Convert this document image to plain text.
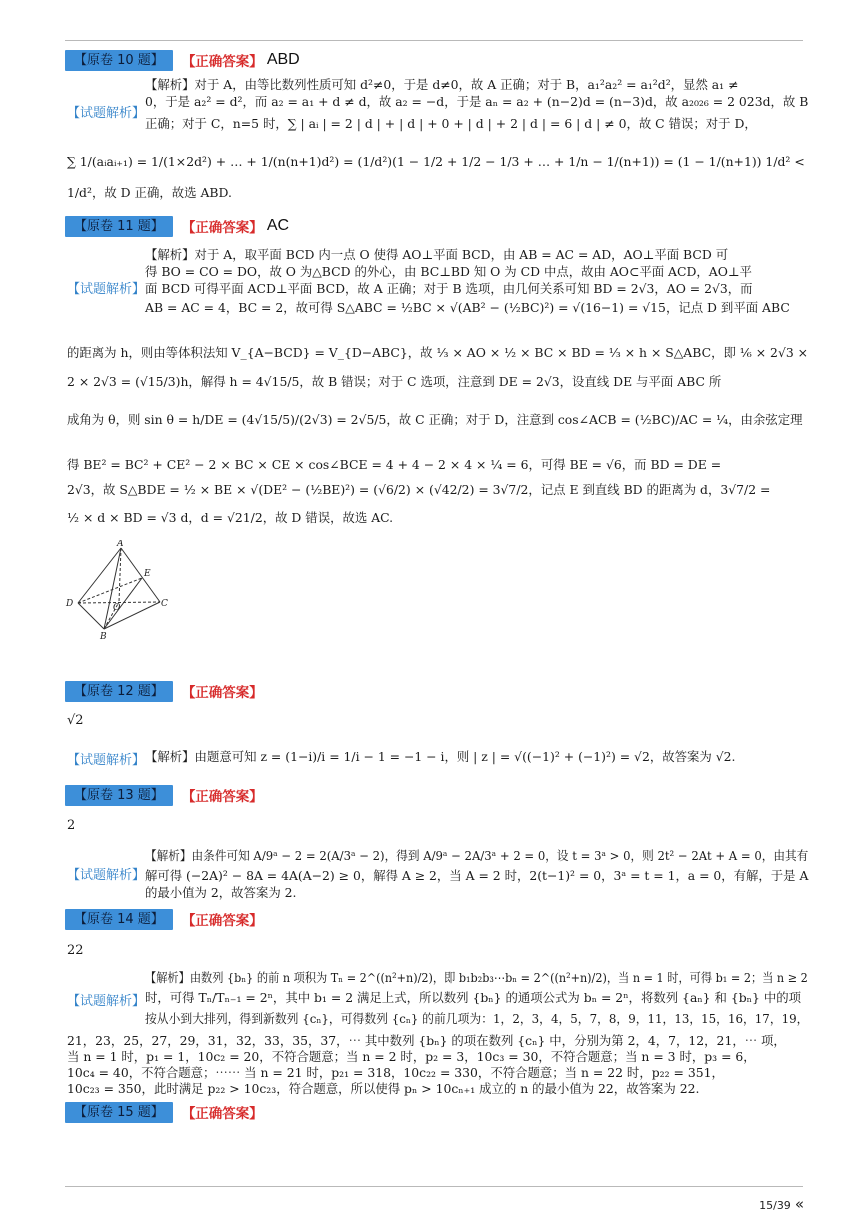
【原卷 10 题】	【正确答案】 ABD
【试题解析】
【解析】对于 A，由等比数列性质可知 d²≠0，于是 d≠0，故 A 正确；对于 B，a₁²a₂² = a₁²d²，显然 a₁ ≠
0，于是 a₂² = d²，而 a₂ = a₁ + d ≠ d，故 a₂ = −d，于是 aₙ = a₂ + (n−2)d = (n−3)d，故 a₂₀₂₆ = 2 023d，故 B
正确；对于 C，n=5 时，∑ | aᵢ | = 2 | d | + | d | + 0 + | d | + 2 | d | = 6 | d | ≠ 0，故 C 错误；对于 D，
∑ 1/(aᵢaᵢ₊₁) = 1/(1×2d²) + … + 1/(n(n+1)d²) = (1/d²)(1 − 1/2 + 1/2 − 1/3 + … + 1/n − 1/(n+1)) = (1 − 1/(n+1)) 1/d² <
1/d²，故 D 正确，故选 ABD.
【原卷 11 题】	【正确答案】 AC
【试题解析】
【解析】对于 A，取平面 BCD 内一点 O 使得 AO⊥平面 BCD，由 AB = AC = AD，AO⊥平面 BCD 可
得 BO = CO = DO，故 O 为△BCD 的外心，由 BC⊥BD 知 O 为 CD 中点，故由 AO⊂平面 ACD，AO⊥平
面 BCD 可得平面 ACD⊥平面 BCD，故 A 正确；对于 B 选项，由几何关系可知 BD = 2√3，AO = 2√3，而
AB = AC = 4，BC = 2，故可得 S△ABC = ½BC × √(AB² − (½BC)²) = √(16−1) = √15，记点 D 到平面 ABC
的距离为 h，则由等体积法知 V_{A−BCD} = V_{D−ABC}，故 ⅓ × AO × ½ × BC × BD = ⅓ × h × S△ABC，即 ⅙ × 2√3 ×
2 × 2√3 = (√15/3)h，解得 h = 4√15/5，故 B 错误；对于 C 选项，注意到 DE = 2√3，设直线 DE 与平面 ABC 所
成角为 θ，则 sin θ = h/DE = (4√15/5)/(2√3) = 2√5/5，故 C 正确；对于 D，注意到 cos∠ACB = (½BC)/AC = ¼，由余弦定理
得 BE² = BC² + CE² − 2 × BC × CE × cos∠BCE = 4 + 4 − 2 × 4 × ¼ = 6，可得 BE = √6，而 BD = DE =
2√3，故 S△BDE = ½ × BE × √(DE² − (½BE)²) = (√6/2) × (√42/2) = 3√7/2，记点 E 到直线 BD 的距离为 d，3√7/2 =
½ × d × BD = √3 d，d = √21/2，故 D 错误，故选 AC.
A
E
D	O	C
B
【原卷 12 题】	【正确答案】
√2
【试题解析】 【解析】由题意可知 z = (1−i)/i = 1/i − 1 = −1 − i，则 | z | = √((−1)² + (−1)²) = √2，故答案为 √2.
【原卷 13 题】	【正确答案】
2
【试题解析】
【解析】由条件可知 A/9ᵃ − 2 = 2(A/3ᵃ − 2)，得到 A/9ᵃ − 2A/3ᵃ + 2 = 0，设 t = 3ᵃ > 0，则 2t² − 2At + A = 0，由其有
解可得 (−2A)² − 8A = 4A(A−2) ≥ 0，解得 A ≥ 2，当 A = 2 时，2(t−1)² = 0，3ᵃ = t = 1，a = 0，有解，于是 A
的最小值为 2，故答案为 2.
【原卷 14 题】	【正确答案】
22
【试题解析】
【解析】由数列 {bₙ} 的前 n 项积为 Tₙ = 2^((n²+n)/2)，即 b₁b₂b₃⋯bₙ = 2^((n²+n)/2)，当 n = 1 时，可得 b₁ = 2；当 n ≥ 2
时，可得 Tₙ/Tₙ₋₁ = 2ⁿ，其中 b₁ = 2 满足上式，所以数列 {bₙ} 的通项公式为 bₙ = 2ⁿ，将数列 {aₙ} 和 {bₙ} 中的项
按从小到大排列，得到新数列 {cₙ}，可得数列 {cₙ} 的前几项为：1，2，3，4，5，7，8，9，11，13，15，16，17，19，
21，23，25，27，29，31，32，33，35，37，⋯ 其中数列 {bₙ} 的项在数列 {cₙ} 中，分别为第 2，4，7，12，21，⋯ 项，
当 n = 1 时，p₁ = 1，10c₂ = 20，不符合题意；当 n = 2 时，p₂ = 3，10c₃ = 30，不符合题意；当 n = 3 时，p₃ = 6，
10c₄ = 40，不符合题意；⋯⋯ 当 n = 21 时，p₂₁ = 318，10c₂₂ = 330，不符合题意；当 n = 22 时，p₂₂ = 351，
10c₂₃ = 350，此时满足 p₂₂ > 10c₂₃，符合题意，所以使得 pₙ > 10cₙ₊₁ 成立的 n 的最小值为 22，故答案为 22.
【原卷 15 题】	【正确答案】
15/39 «
